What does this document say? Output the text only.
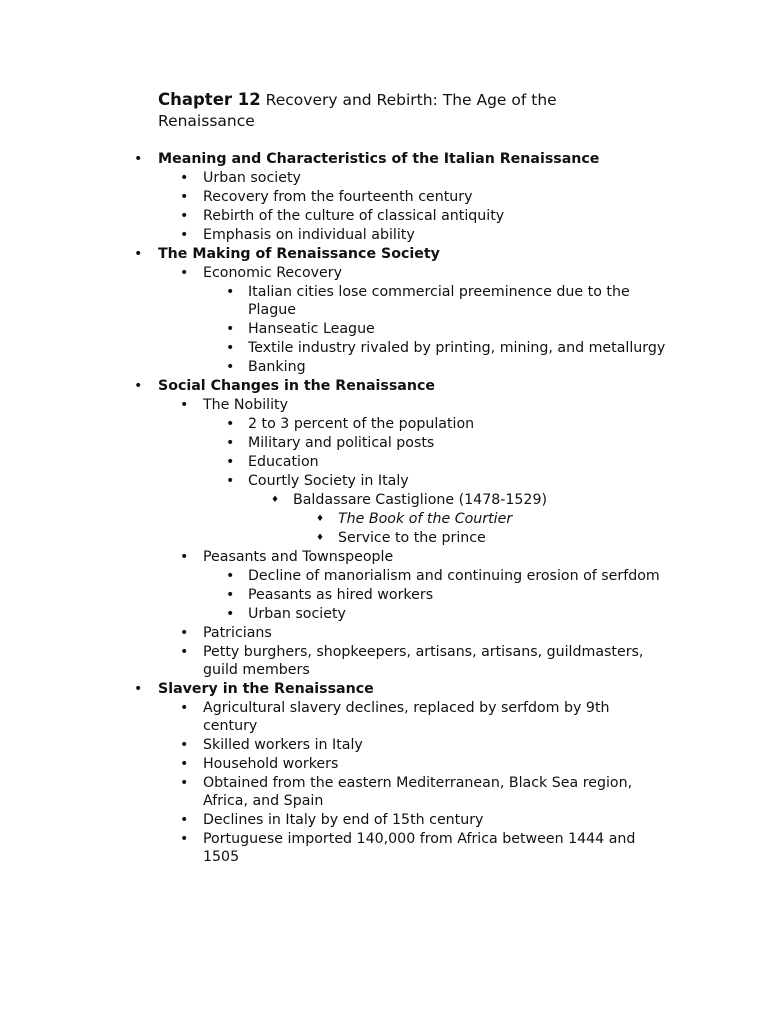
Chapter 12 Recovery and Rebirth: The Age of the Renaissance
• Meaning and Characteristics of the Italian Renaissance
• Urban society
• Recovery from the fourteenth century
• Rebirth of the culture of classical antiquity
• Emphasis on individual ability
• The Making of Renaissance Society
• Economic Recovery
• Italian cities lose commercial preeminence due to the Plague
• Hanseatic League
• Textile industry rivaled by printing, mining, and metallurgy
• Banking
• Social Changes in the Renaissance
• The Nobility
• 2 to 3 percent of the population
• Military and political posts
• Education
• Courtly Society in Italy
♦ Baldassare Castiglione (1478-1529)
♦ The Book of the Courtier
♦ Service to the prince
• Peasants and Townspeople
• Decline of manorialism and continuing erosion of serfdom
• Peasants as hired workers
• Urban society
• Patricians
• Petty burghers, shopkeepers, artisans, artisans, guildmasters, guild members
• Slavery in the Renaissance
• Agricultural slavery declines, replaced by serfdom by 9th century
• Skilled workers in Italy
• Household workers
• Obtained from the eastern Mediterranean, Black Sea region, Africa, and Spain
• Declines in Italy by end of 15th century
• Portuguese imported 140,000 from Africa between 1444 and 1505
